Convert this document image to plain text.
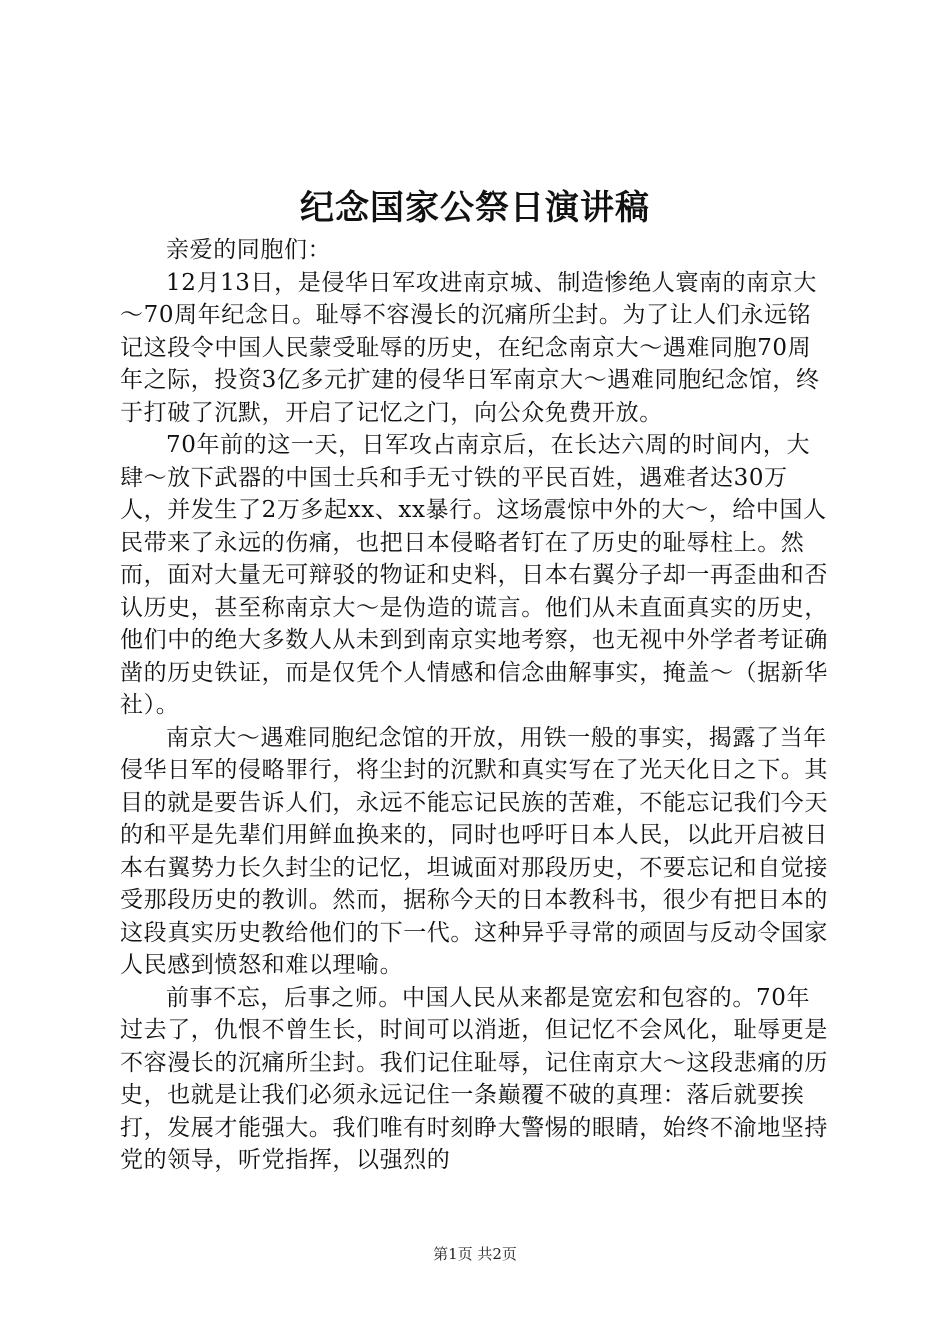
纪念国家公祭日演讲稿

亲爱的同胞们：

12月13日，是侵华日军攻进南京城、制造惨绝人寰南的南京大～70周年纪念日。耻辱不容漫长的沉痛所尘封。为了让人们永远铭记这段令中国人民蒙受耻辱的历史，在纪念南京大～遇难同胞70周年之际，投资3亿多元扩建的侵华日军南京大～遇难同胞纪念馆，终于打破了沉默，开启了记忆之门，向公众免费开放。

70年前的这一天，日军攻占南京后，在长达六周的时间内，大肆～放下武器的中国士兵和手无寸铁的平民百姓，遇难者达30万人，并发生了2万多起xx、xx暴行。这场震惊中外的大～，给中国人民带来了永远的伤痛，也把日本侵略者钉在了历史的耻辱柱上。然而，面对大量无可辩驳的物证和史料，日本右翼分子却一再歪曲和否认历史，甚至称南京大～是伪造的谎言。他们从未直面真实的历史，他们中的绝大多数人从未到到南京实地考察，也无视中外学者考证确凿的历史铁证，而是仅凭个人情感和信念曲解事实，掩盖～（据新华社）。

南京大～遇难同胞纪念馆的开放，用铁一般的事实，揭露了当年侵华日军的侵略罪行，将尘封的沉默和真实写在了光天化日之下。其目的就是要告诉人们，永远不能忘记民族的苦难，不能忘记我们今天的和平是先辈们用鲜血换来的，同时也呼吁日本人民，以此开启被日本右翼势力长久封尘的记忆，坦诚面对那段历史，不要忘记和自觉接受那段历史的教训。然而，据称今天的日本教科书，很少有把日本的这段真实历史教给他们的下一代。这种异乎寻常的顽固与反动令国家人民感到愤怒和难以理喻。

前事不忘，后事之师。中国人民从来都是宽宏和包容的。70年过去了，仇恨不曾生长，时间可以消逝，但记忆不会风化，耻辱更是不容漫长的沉痛所尘封。我们记住耻辱，记住南京大～这段悲痛的历史，也就是让我们必须永远记住一条巅覆不破的真理：落后就要挨打，发展才能强大。我们唯有时刻睁大警惕的眼睛，始终不渝地坚持党的领导，听党指挥，以强烈的

第1页 共2页
